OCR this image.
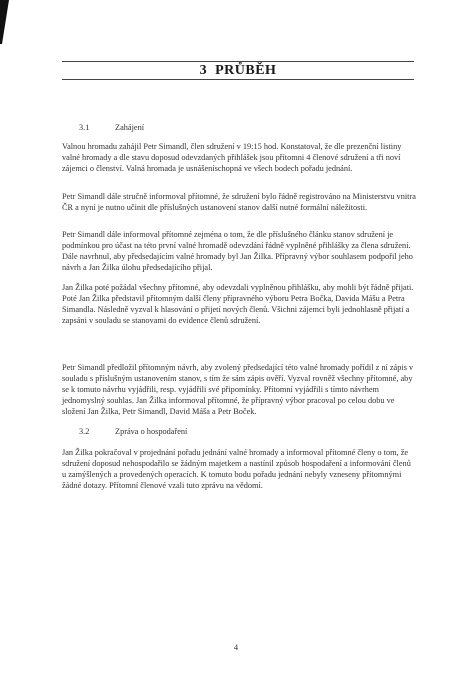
3 PRŮBĚH
3.1	Zahájení
Valnou hromadu zahájil Petr Simandl, člen sdružení v 19:15 hod. Konstatoval, že dle prezenční listiny valné hromady a dle stavu doposud odevzdaných přihlášek jsou přítomni 4 členové sdružení a tři noví zájemci o členství. Valná hromada je usnášeníschopná ve všech bodech pořadu jednání.
Petr Simandl dále stručně informoval přítomné, že sdružení bylo řádně registrováno na Ministerstvu vnitra ČR a nyní je nutno učinit dle příslušných ustanovení stanov další nutné formální náležitosti.
Petr Simandl dále informoval přítomné zejména o tom, že dle příslušného článku stanov sdružení je podmínkou pro účast na této první valné hromadě odevzdání řádně vyplněné přihlášky za člena sdružení. Dále navrhnul, aby předsedajícím valné hromady byl Jan Žilka. Přípravný výbor souhlasem podpořil jeho návrh a Jan Žilka úlohu předsedajícího přijal.
Jan Žilka poté požádal všechny přítomné, aby odevzdali vyplněnou přihlášku, aby mohli být řádně přijati. Poté Jan Žilka představil přítomným další členy přípravného výboru Petra Bočka, Davida Mášu a Petra Simandla. Následně vyzval k hlasování o přijetí nových členů. Všichni zájemci byli jednohlasně přijati a zapsáni v souladu se stanovami do evidence členů sdružení.
Petr Simandl předložil přítomným návrh, aby zvolený předsedající této valné hromady pořídil z ní zápis v souladu s příslušným ustanovením stanov, s tím že sám zápis ověří. Vyzval rovněž všechny přítomné, aby se k tomuto návrhu vyjádřili, resp. vyjádřili své připomínky. Přítomní vyjádřili s tímto návrhem jednomyslný souhlas. Jan Žilka informoval přítomné, že přípravný výbor pracoval po celou dobu ve složení Jan Žilka, Petr Simandl, David Máša a Petr Boček.
3.2	Zpráva o hospodaření
Jan Žilka pokračoval v projednání pořadu jednání valné hromady a informoval přítomné členy o tom, že sdružení doposud nehospodařilo se žádným majetkem a nastínil způsob hospodaření a informování členů u zamýšlených a provedených operacích. K tomuto bodu pořadu jednání nebyly vzneseny přítomnými žádné dotazy. Přítomní členové vzali tuto zprávu na vědomí.
4
